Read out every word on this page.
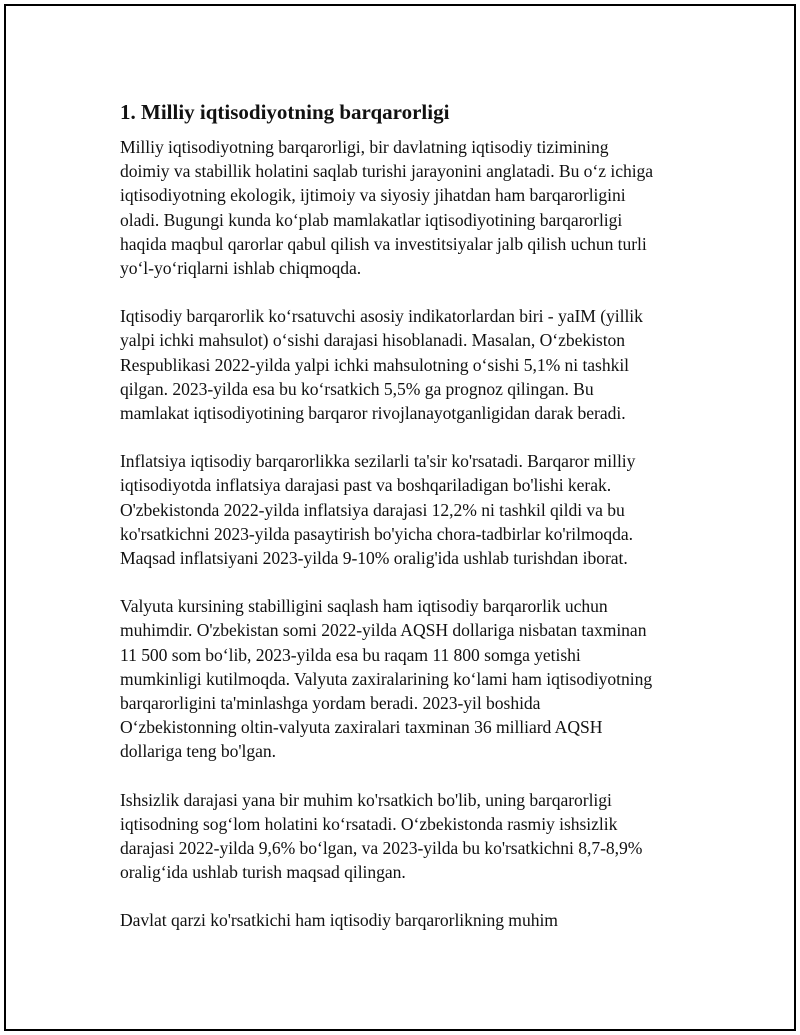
1. Milliy iqtisodiyotning barqarorligi

Milliy iqtisodiyotning barqarorligi, bir davlatning iqtisodiy tizimining
doimiy va stabillik holatini saqlab turishi jarayonini anglatadi. Bu oʻz ichiga
iqtisodiyotning ekologik, ijtimoiy va siyosiy jihatdan ham barqarorligini
oladi. Bugungi kunda koʻplab mamlakatlar iqtisodiyotining barqarorligi
haqida maqbul qarorlar qabul qilish va investitsiyalar jalb qilish uchun turli
yoʻl-yoʻriqlarni ishlab chiqmoqda.

Iqtisodiy barqarorlik koʻrsatuvchi asosiy indikatorlardan biri - yaIM (yillik
yalpi ichki mahsulot) oʻsishi darajasi hisoblanadi. Masalan, Oʻzbekiston
Respublikasi 2022-yilda yalpi ichki mahsulotning oʻsishi 5,1% ni tashkil
qilgan. 2023-yilda esa bu koʻrsatkich 5,5% ga prognoz qilingan. Bu
mamlakat iqtisodiyotining barqaror rivojlanayotganligidan darak beradi.

Inflatsiya iqtisodiy barqarorlikka sezilarli ta'sir ko'rsatadi. Barqaror milliy
iqtisodiyotda inflatsiya darajasi past va boshqariladigan bo'lishi kerak.
O'zbekistonda 2022-yilda inflatsiya darajasi 12,2% ni tashkil qildi va bu
ko'rsatkichni 2023-yilda pasaytirish bo'yicha chora-tadbirlar ko'rilmoqda.
Maqsad inflatsiyani 2023-yilda 9-10% oralig'ida ushlab turishdan iborat.

Valyuta kursining stabilligini saqlash ham iqtisodiy barqarorlik uchun
muhimdir. O'zbekistan somi 2022-yilda AQSH dollariga nisbatan taxminan
11 500 som boʻlib, 2023-yilda esa bu raqam 11 800 somga yetishi
mumkinligi kutilmoqda. Valyuta zaxiralarining koʻlami ham iqtisodiyotning
barqarorligini ta'minlashga yordam beradi. 2023-yil boshida
Oʻzbekistonning oltin-valyuta zaxiralari taxminan 36 milliard AQSH
dollariga teng bo'lgan.

Ishsizlik darajasi yana bir muhim ko'rsatkich bo'lib, uning barqarorligi
iqtisodning sogʻlom holatini koʻrsatadi. Oʻzbekistonda rasmiy ishsizlik
darajasi 2022-yilda 9,6% boʻlgan, va 2023-yilda bu ko'rsatkichni 8,7-8,9%
oraligʻida ushlab turish maqsad qilingan.

Davlat qarzi ko'rsatkichi ham iqtisodiy barqarorlikning muhim
